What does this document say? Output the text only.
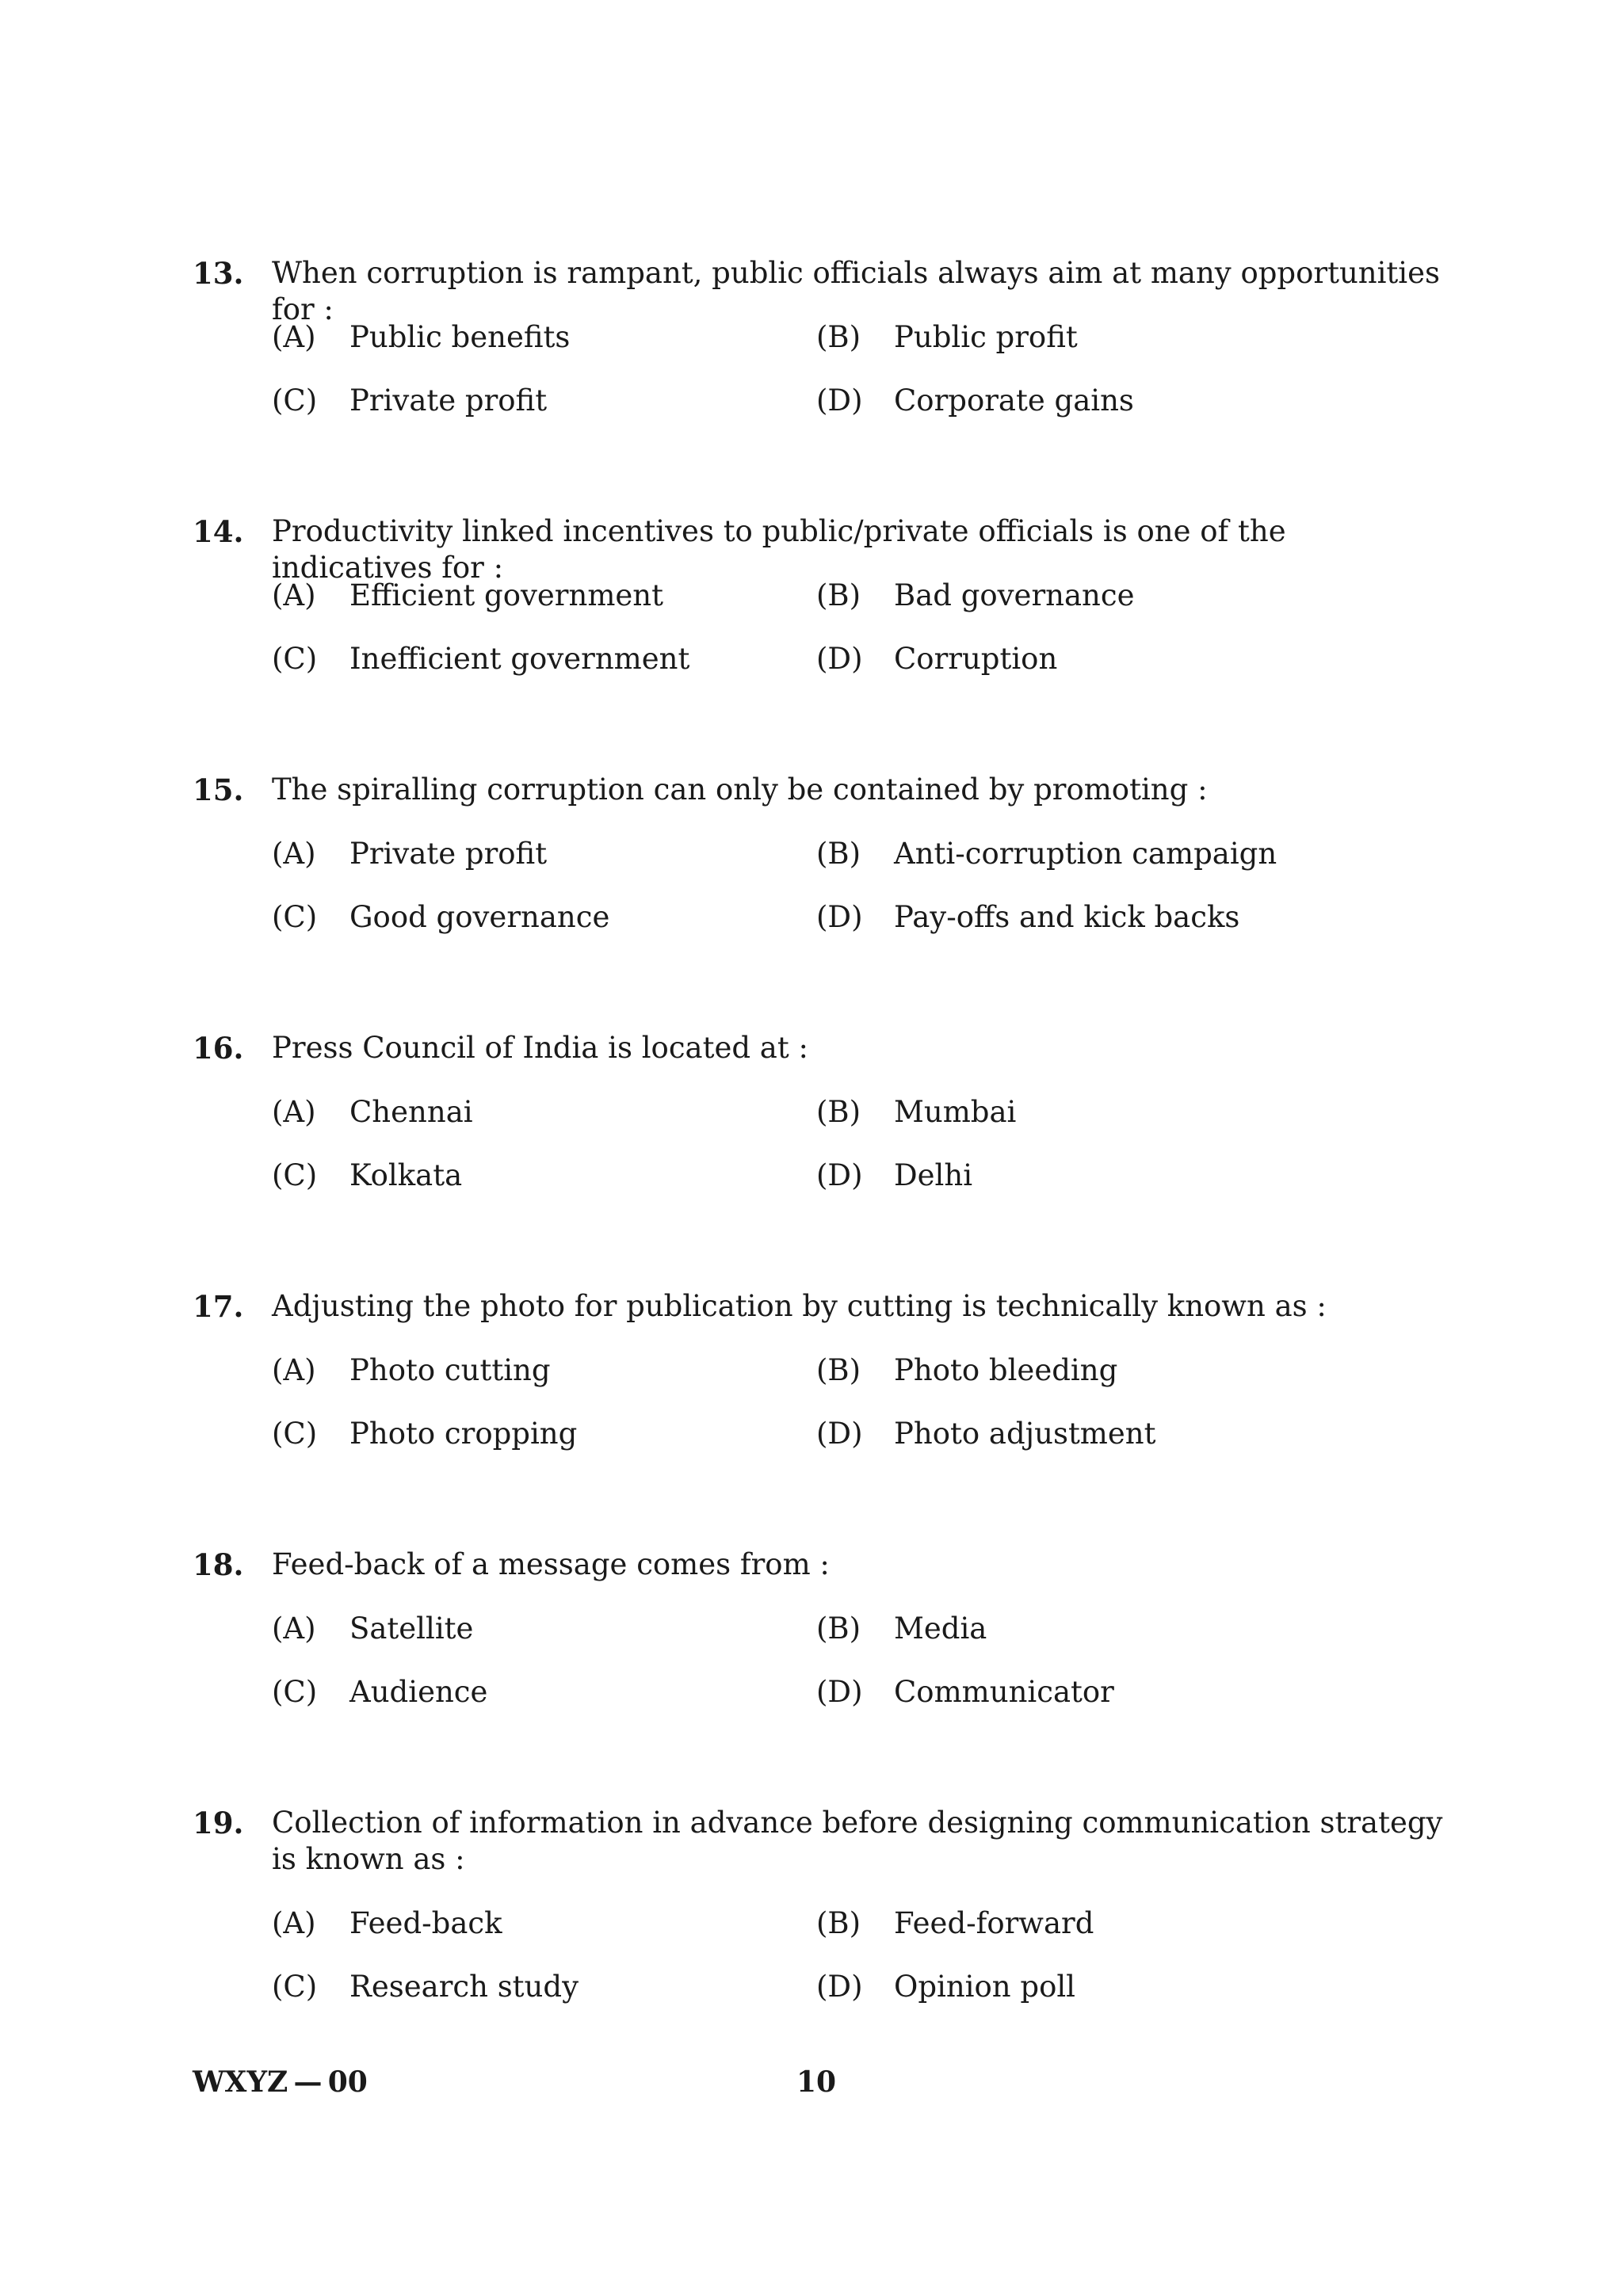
13. When corruption is rampant, public officials always aim at many opportunities for :
(A) Public benefits	(B) Public profit
(C) Private profit	(D) Corporate gains
14. Productivity linked incentives to public/private officials is one of the indicatives for :
(A) Efficient government	(B) Bad governance
(C) Inefficient government	(D) Corruption
15. The spiralling corruption can only be contained by promoting :
(A) Private profit	(B) Anti-corruption campaign
(C) Good governance	(D) Pay-offs and kick backs
16. Press Council of India is located at :
(A) Chennai	(B) Mumbai
(C) Kolkata	(D) Delhi
17. Adjusting the photo for publication by cutting is technically known as :
(A) Photo cutting	(B) Photo bleeding
(C) Photo cropping	(D) Photo adjustment
18. Feed-back of a message comes from :
(A) Satellite	(B) Media
(C) Audience	(D) Communicator
19. Collection of information in advance before designing communication strategy is known as :
(A) Feed-back	(B) Feed-forward
(C) Research study	(D) Opinion poll
WXYZ — 00	10
